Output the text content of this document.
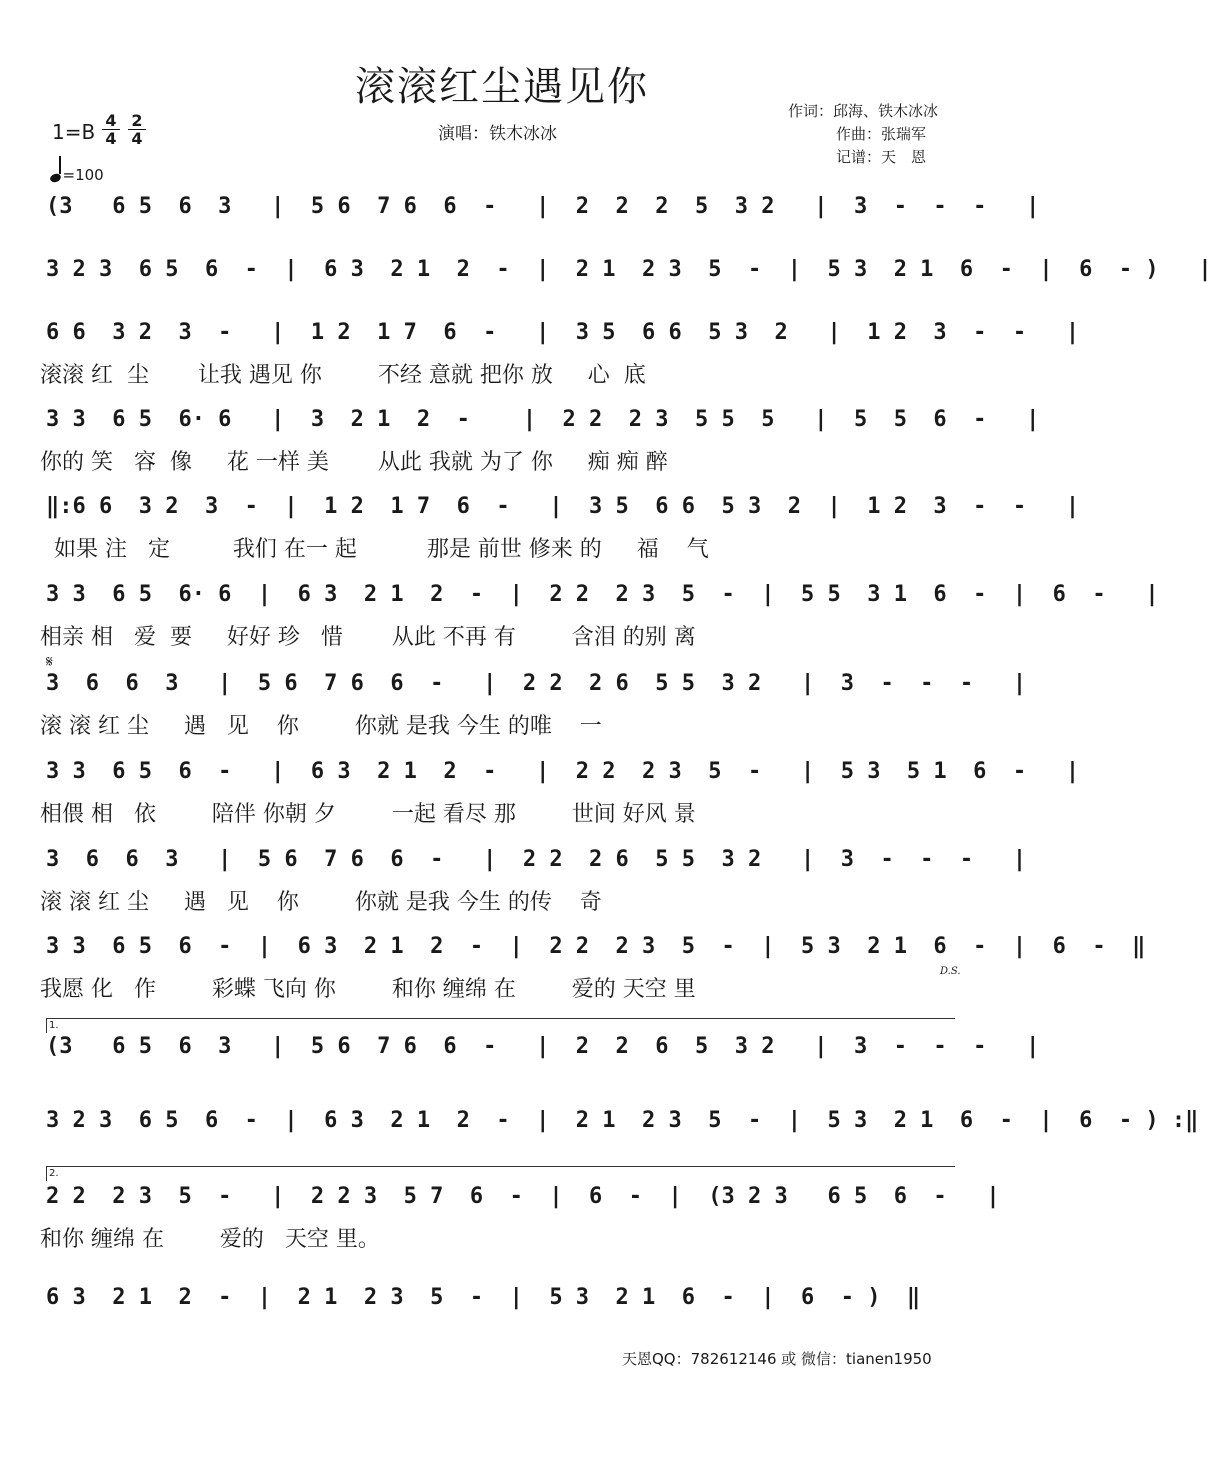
滚滚红尘遇见你
演唱：铁木冰冰
作词：邱海、铁木冰冰
作曲：张瑞军
记谱：天　恩
1=B 4
4
2
4
=100
(3   6 5  6  3   |  5 6  7 6  6  -   |  2  2  2  5  3 2   |  3  -  -  -   |
3 2 3  6 5  6  -  |  6 3  2 1  2  -  |  2 1  2 3  5  -  |  5 3  2 1  6  -  |  6  - )   |
6 6  3 2  3  -   |  1 2  1 7  6  -   |  3 5  6 6  5 3  2   |  1 2  3  -  -   |
滚滚 红  尘       让我 遇见 你        不经 意就 把你 放     心  底
3 3  6 5  6· 6   |  3  2 1  2  -    |  2 2  2 3  5 5  5   |  5  5  6  -   |
你的 笑   容  像     花 一样 美       从此 我就 为了 你     痴 痴 醉
‖:6 6  3 2  3  -  |  1 2  1 7  6  -   |  3 5  6 6  5 3  2  |  1 2  3  -  -   |
如果 注   定         我们 在一 起          那是 前世 修来 的     福    气
3 3  6 5  6· 6  |  6 3  2 1  2  -  |  2 2  2 3  5  -  |  5 5  3 1  6  -  |  6  -   |
相亲 相   爱  要     好好 珍   惜       从此 不再 有        含泪 的别 离
3  6  6  3   |  5 6  7 6  6  -   |  2 2  2 6  5 5  3 2   |  3  -  -  -   |
滚 滚 红 尘     遇   见    你        你就 是我 今生 的唯    一
3 3  6 5  6  -   |  6 3  2 1  2  -   |  2 2  2 3  5  -   |  5 3  5 1  6  -   |
相偎 相   依        陪伴 你朝 夕        一起 看尽 那        世间 好风 景
3  6  6  3   |  5 6  7 6  6  -   |  2 2  2 6  5 5  3 2   |  3  -  -  -   |
滚 滚 红 尘     遇   见    你        你就 是我 今生 的传    奇
3 3  6 5  6  -  |  6 3  2 1  2  -  |  2 2  2 3  5  -  |  5 3  2 1  6  -  |  6  -  ‖
我愿 化   作        彩蝶 飞向 你        和你 缠绵 在        爱的 天空 里
(3   6 5  6  3   |  5 6  7 6  6  -   |  2  2  6  5  3 2   |  3  -  -  -   |
3 2 3  6 5  6  -  |  6 3  2 1  2  -  |  2 1  2 3  5  -  |  5 3  2 1  6  -  |  6  - ) :‖
2 2  2 3  5  -   |  2 2 3  5 7  6  -  |  6  -  |  (3 2 3   6 5  6  -   |
和你 缠绵 在        爱的   天空 里。
6 3  2 1  2  -  |  2 1  2 3  5  -  |  5 3  2 1  6  -  |  6  - )  ‖
𝄋
D.S.
1.
2.
天恩QQ：782612146 或 微信：tianen1950
